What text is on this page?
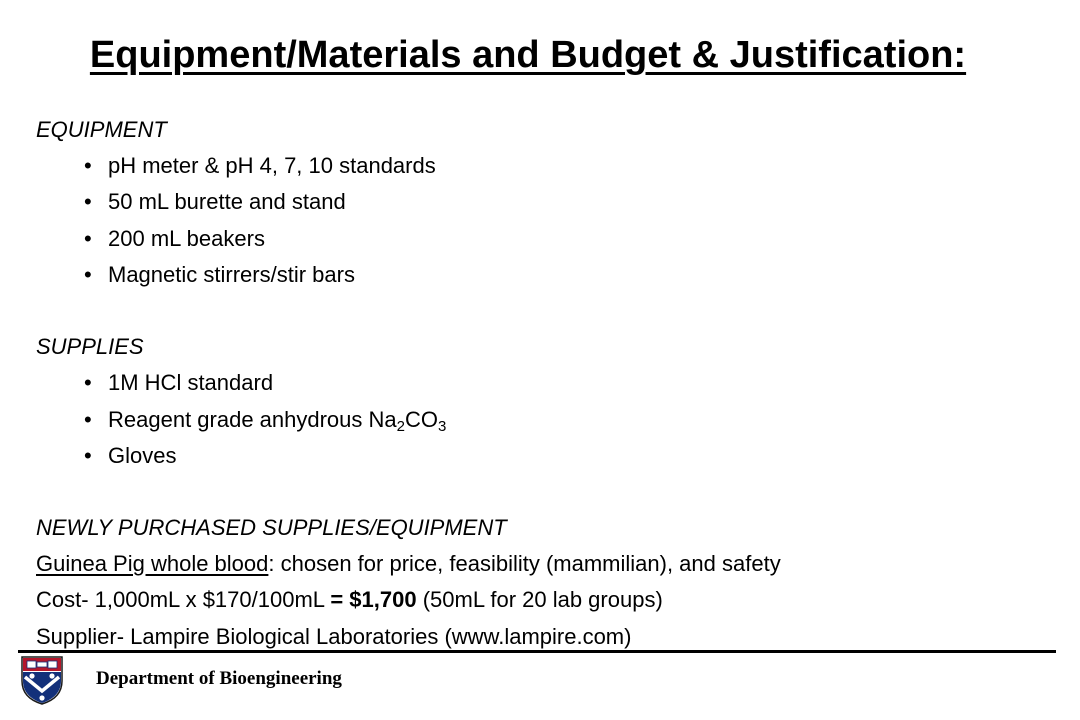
Equipment/Materials and Budget & Justification:
EQUIPMENT
• pH meter & pH 4, 7, 10 standards
• 50 mL burette and stand
• 200 mL beakers
• Magnetic stirrers/stir bars
SUPPLIES
• 1M HCl standard
• Reagent grade anhydrous $Na_2CO_3$
• Gloves
NEWLY PURCHASED SUPPLIES/EQUIPMENT
Guinea Pig whole blood: chosen for price, feasibility (mammilian), and safety
Cost- 1,000mL x $170/100mL = $1,700 (50mL for 20 lab groups)
Supplier- Lampire Biological Laboratories (www.lampire.com)
Department of Bioengineering
